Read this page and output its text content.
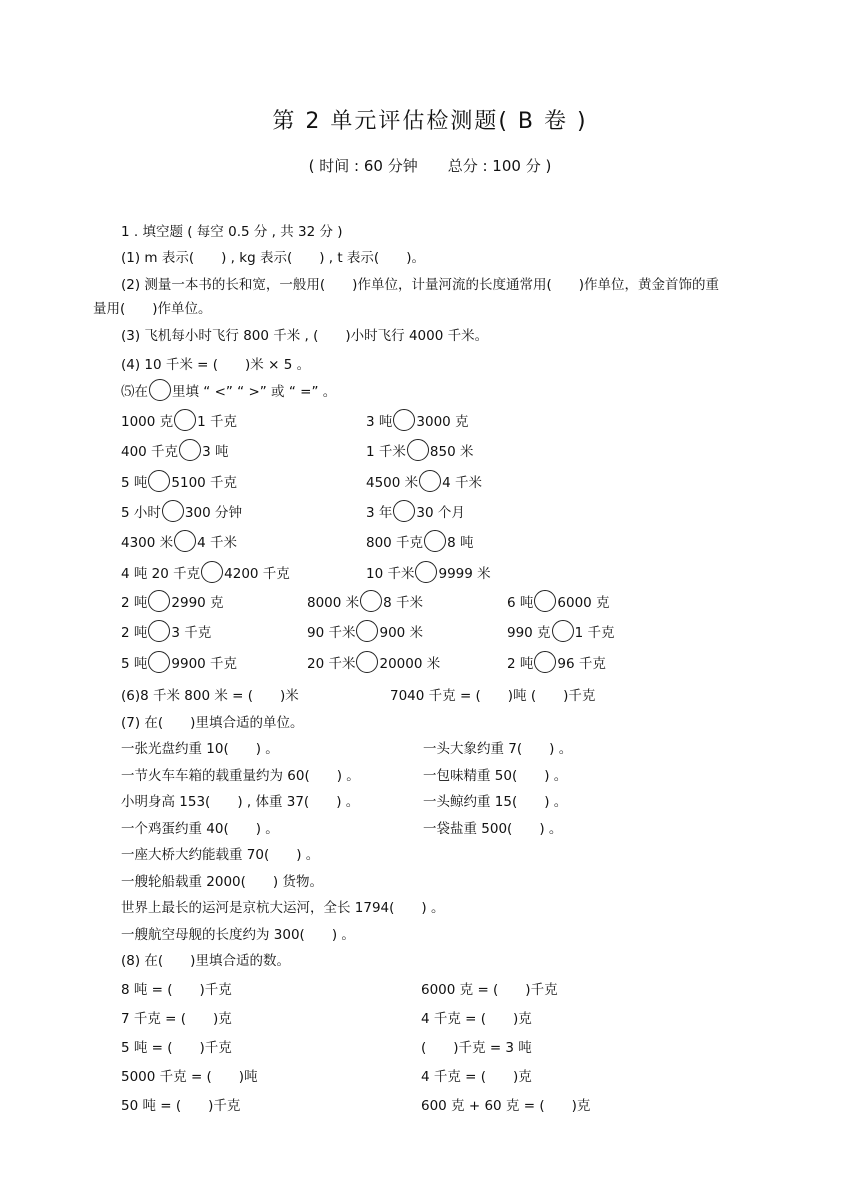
第 2 单元评估检测题( B 卷 )
( 时间 : 60 分钟　　总分 : 100 分 )
1 . 填空题 ( 每空 0.5 分 , 共 32 分 )
(1) m 表示(　　) , kg 表示(　　) , t 表示(　　)。
(2) 测量一本书的长和宽，一般用(　　)作单位，计量河流的长度通常用(　　)作单位，黄金首饰的重
量用(　　)作单位。
(3) 飞机每小时飞行 800 千米 , (　　)小时飞行 4000 千米。
(4) 10 千米 = (　　)米 × 5 。
⑸在 里填 “ <” “ >” 或 “ =” 。
1000 克 1 千克	3 吨 3000 克
400 千克 3 吨	1 千米 850 米
5 吨 5100 千克	4500 米 4 千米
5 小时 300 分钟	3 年 30 个月
4300 米 4 千米	800 千克 8 吨
4 吨 20 千克 4200 千克	10 千米 9999 米
2 吨 2990 克	8000 米 8 千米	6 吨 6000 克
2 吨 3 千克	90 千米 900 米	990 克 1 千克
5 吨 9900 千克	20 千米 20000 米	2 吨 96 千克
(6)8 千米 800 米 = (　　)米	7040 千克 = (　　)吨 (　　)千克
(7) 在(　　)里填合适的单位。
一张光盘约重 10(　　) 。	一头大象约重 7(　　) 。
一节火车车箱的载重量约为 60(　　) 。	一包味精重 50(　　) 。
小明身高 153(　　) , 体重 37(　　) 。	一头鲸约重 15(　　) 。
一个鸡蛋约重 40(　　) 。	一袋盐重 500(　　) 。
一座大桥大约能载重 70(　　) 。
一艘轮船载重 2000(　　) 货物。
世界上最长的运河是京杭大运河，全长 1794(　　) 。
一艘航空母舰的长度约为 300(　　) 。
(8) 在(　　)里填合适的数。
8 吨 = (　　)千克	6000 克 = (　　)千克
7 千克 = (　　)克	4 千克 = (　　)克
5 吨 = (　　)千克	(　　)千克 = 3 吨
5000 千克 = (　　)吨	4 千克 = (　　)克
50 吨 = (　　)千克	600 克 + 60 克 = (　　)克
